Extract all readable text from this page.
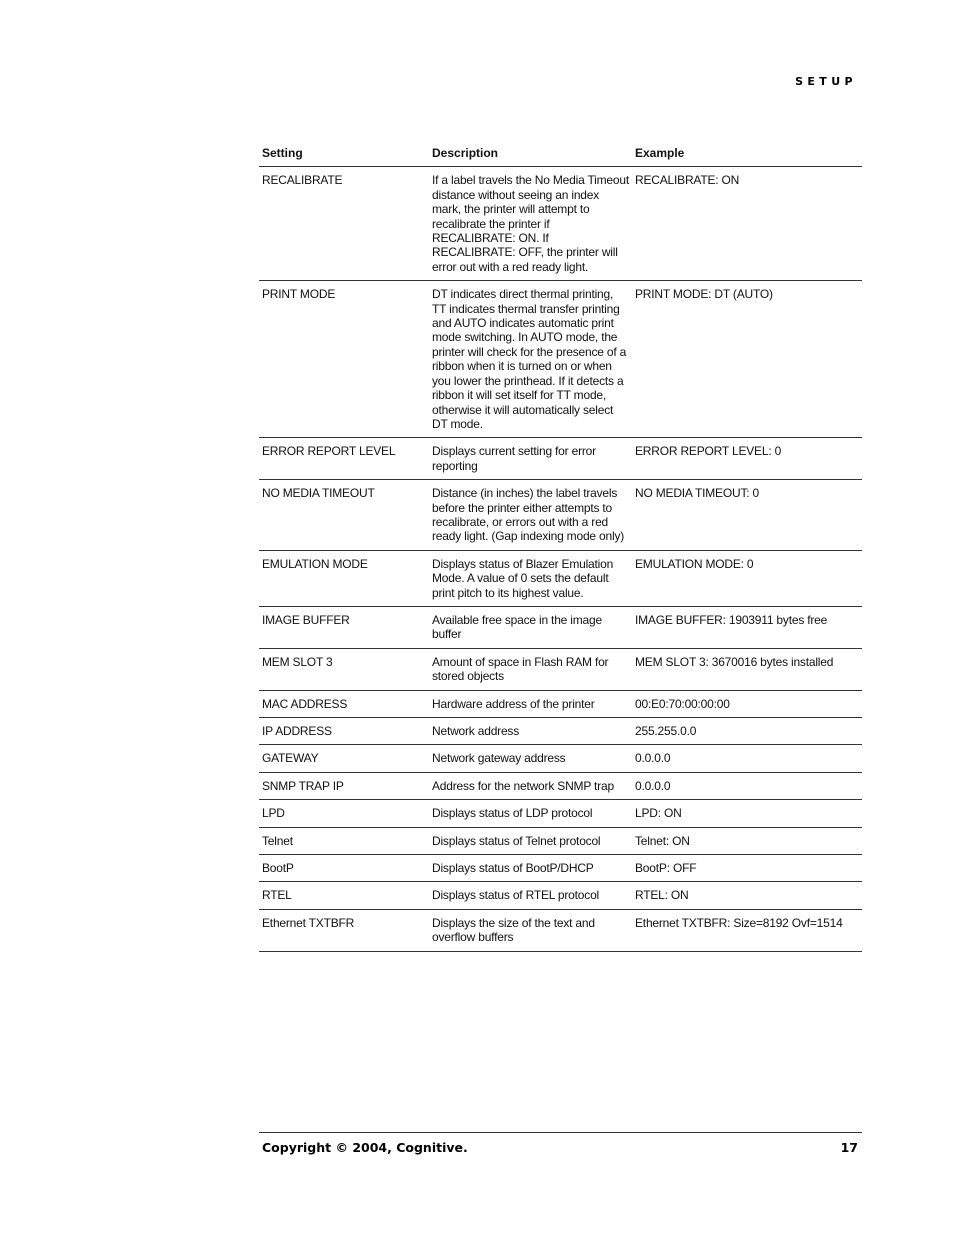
SETUP
Setting	Description	Example
RECALIBRATE	If a label travels the No Media Timeout distance without seeing an index mark, the printer will attempt to recalibrate the printer if RECALIBRATE: ON. If RECALIBRATE: OFF, the printer will error out with a red ready light.	RECALIBRATE: ON
PRINT MODE	DT indicates direct thermal printing, TT indicates thermal transfer printing and AUTO indicates automatic print mode switching. In AUTO mode, the printer will check for the presence of a ribbon when it is turned on or when you lower the printhead. If it detects a ribbon it will set itself for TT mode, otherwise it will automatically select DT mode.	PRINT MODE: DT (AUTO)
ERROR REPORT LEVEL	Displays current setting for error reporting	ERROR REPORT LEVEL: 0
NO MEDIA TIMEOUT	Distance (in inches) the label travels before the printer either attempts to recalibrate, or errors out with a red ready light. (Gap indexing mode only)	NO MEDIA TIMEOUT: 0
EMULATION MODE	Displays status of Blazer Emulation Mode. A value of 0 sets the default print pitch to its highest value.	EMULATION MODE: 0
IMAGE BUFFER	Available free space in the image buffer	IMAGE BUFFER: 1903911 bytes free
MEM SLOT 3	Amount of space in Flash RAM for stored objects	MEM SLOT 3: 3670016 bytes installed
MAC ADDRESS	Hardware address of the printer	00:E0:70:00:00:00
IP ADDRESS	Network address	255.255.0.0
GATEWAY	Network gateway address	0.0.0.0
SNMP TRAP IP	Address for the network SNMP trap	0.0.0.0
LPD	Displays status of LDP protocol	LPD: ON
Telnet	Displays status of Telnet protocol	Telnet: ON
BootP	Displays status of BootP/DHCP	BootP: OFF
RTEL	Displays status of RTEL protocol	RTEL: ON
Ethernet TXTBFR	Displays the size of the text and overflow buffers	Ethernet TXTBFR: Size=8192 Ovf=1514
Copyright © 2004, Cognitive.	17
